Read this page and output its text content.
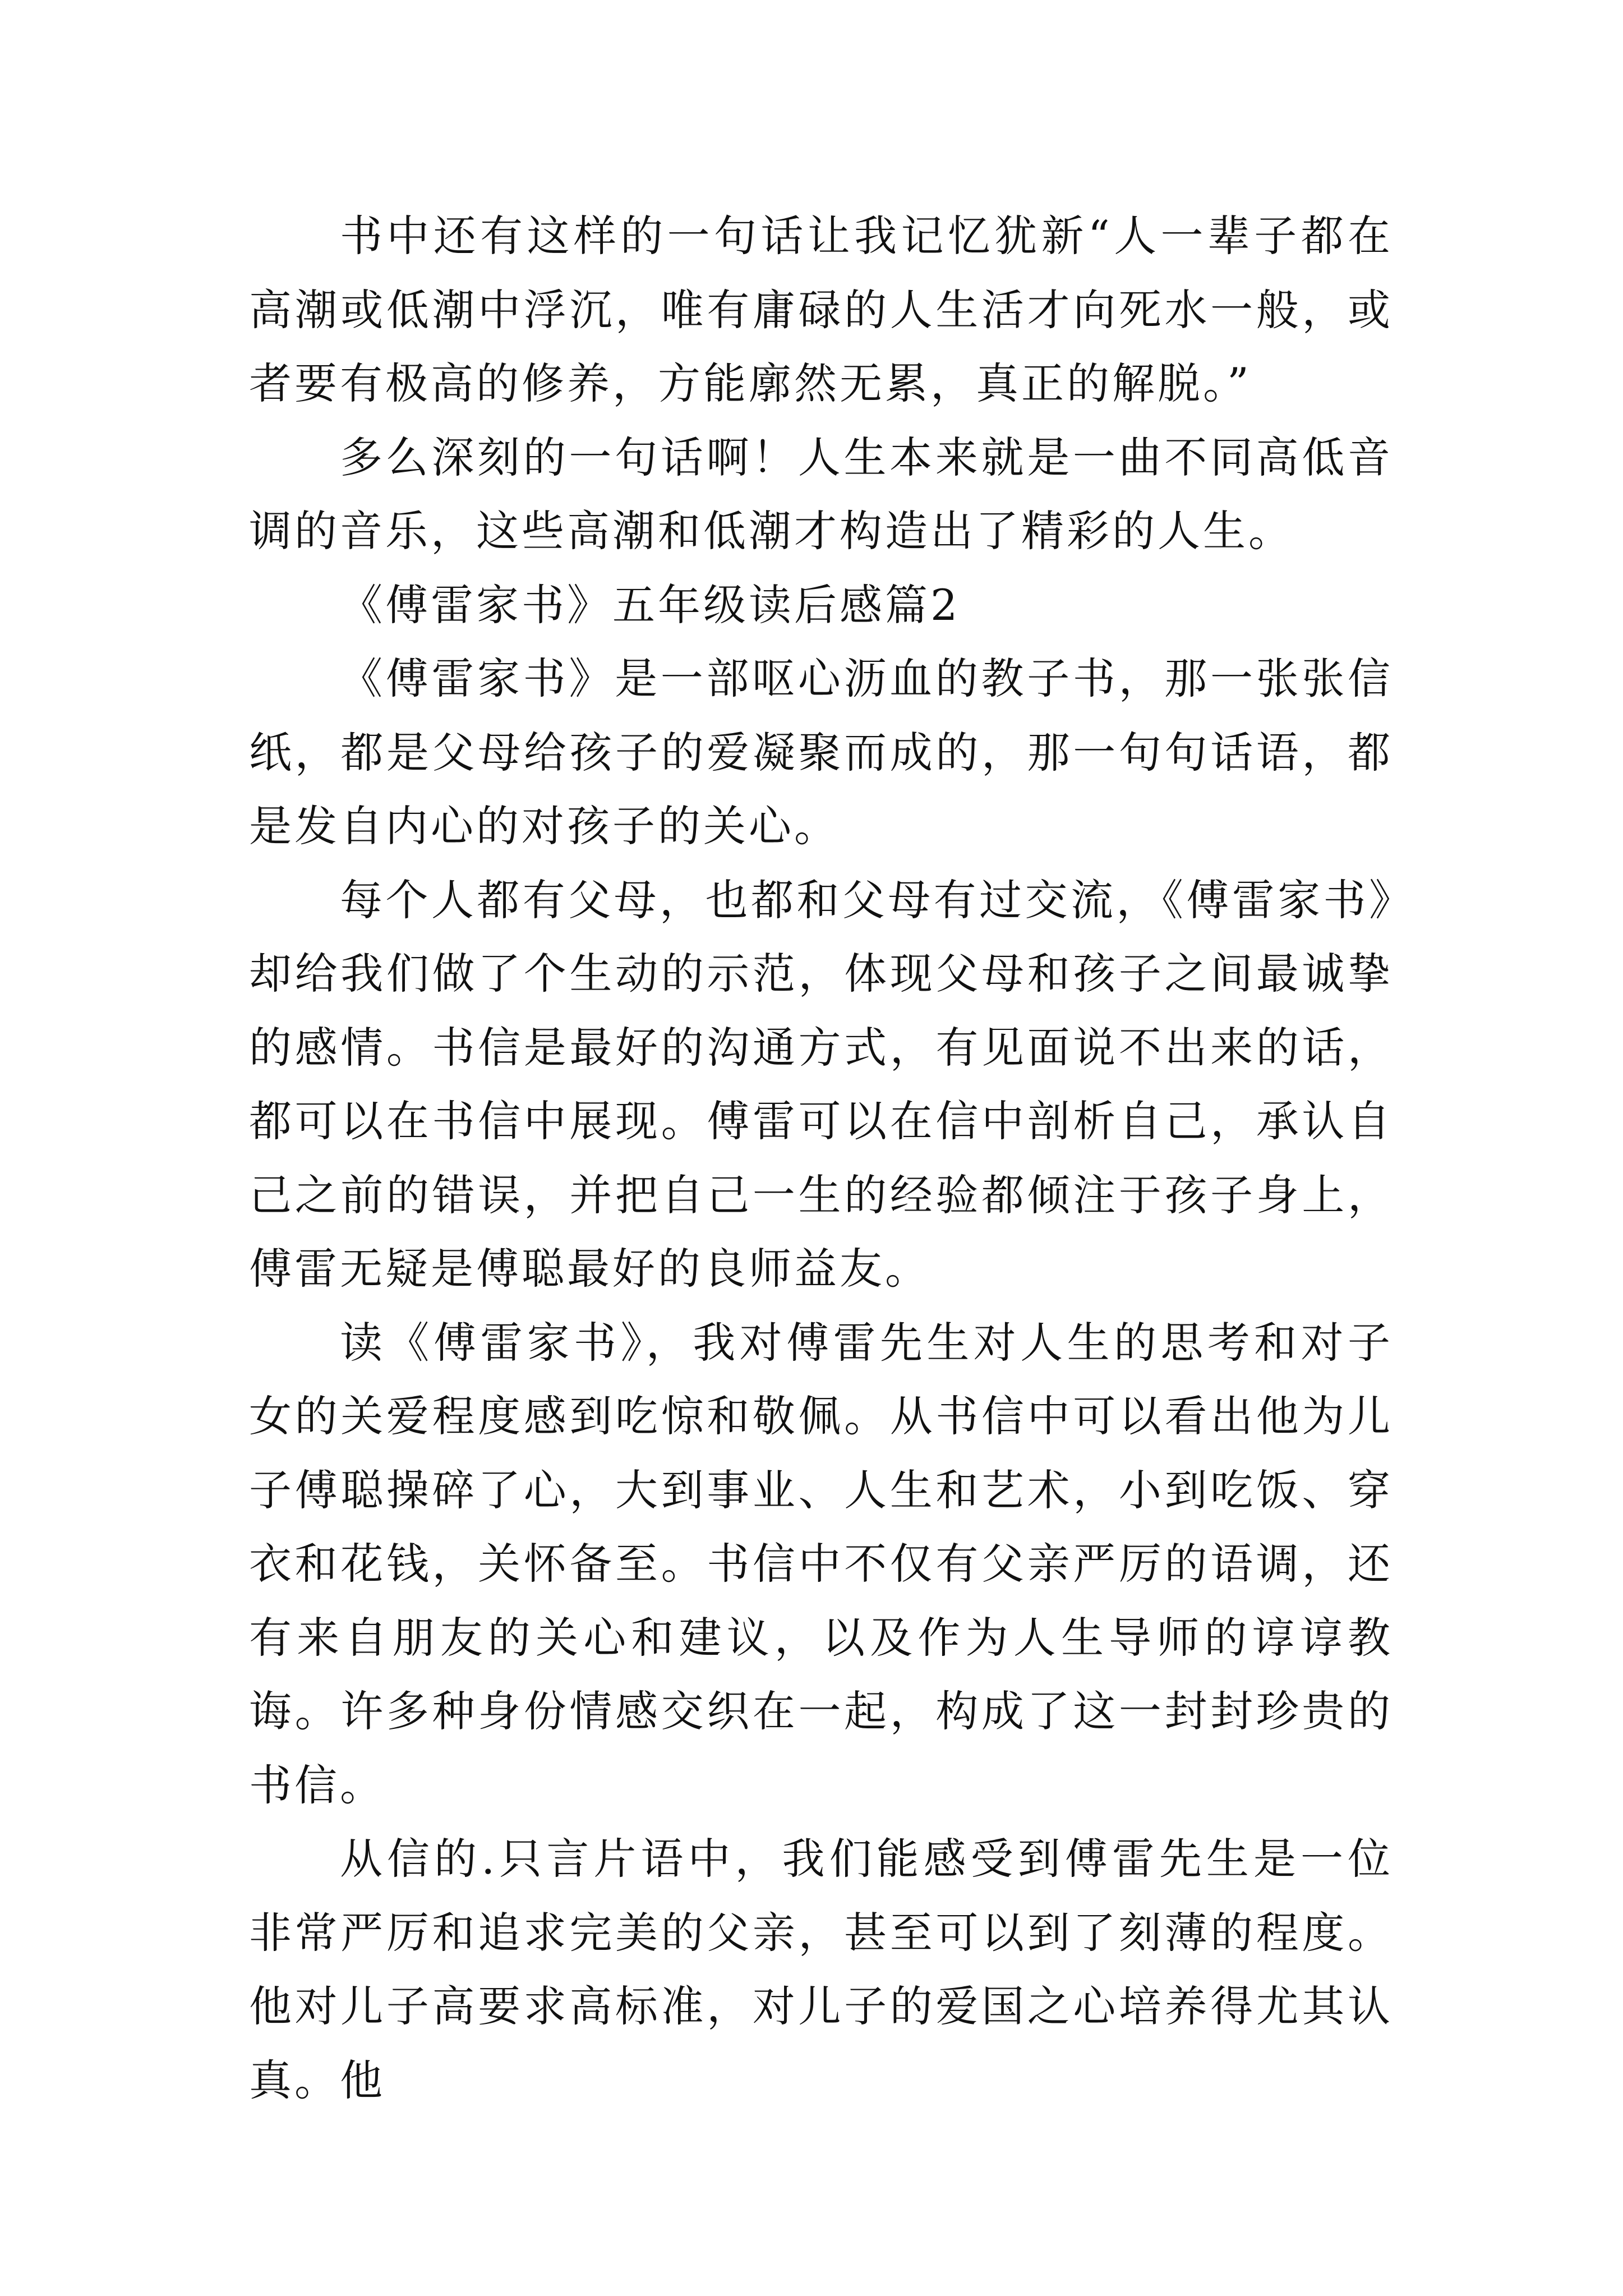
书中还有这样的一句话让我记忆犹新“人一辈子都在高潮或低潮中浮沉，唯有庸碌的人生活才向死水一般，或者要有极高的修养，方能廓然无累，真正的解脱。”

多么深刻的一句话啊！人生本来就是一曲不同高低音调的音乐，这些高潮和低潮才构造出了精彩的人生。

《傅雷家书》五年级读后感篇2

《傅雷家书》是一部呕心沥血的教子书，那一张张信纸，都是父母给孩子的爱凝聚而成的，那一句句话语，都是发自内心的对孩子的关心。

每个人都有父母，也都和父母有过交流，《傅雷家书》却给我们做了个生动的示范，体现父母和孩子之间最诚挚的感情。书信是最好的沟通方式，有见面说不出来的话，都可以在书信中展现。傅雷可以在信中剖析自己，承认自己之前的错误，并把自己一生的经验都倾注于孩子身上，傅雷无疑是傅聪最好的良师益友。

读《傅雷家书》，我对傅雷先生对人生的思考和对子女的关爱程度感到吃惊和敬佩。从书信中可以看出他为儿子傅聪操碎了心，大到事业、人生和艺术，小到吃饭、穿衣和花钱，关怀备至。书信中不仅有父亲严厉的语调，还有来自朋友的关心和建议，以及作为人生导师的谆谆教诲。许多种身份情感交织在一起，构成了这一封封珍贵的书信。

从信的.只言片语中，我们能感受到傅雷先生是一位非常严厉和追求完美的父亲，甚至可以到了刻薄的程度。他对儿子高要求高标准，对儿子的爱国之心培养得尤其认真。他
